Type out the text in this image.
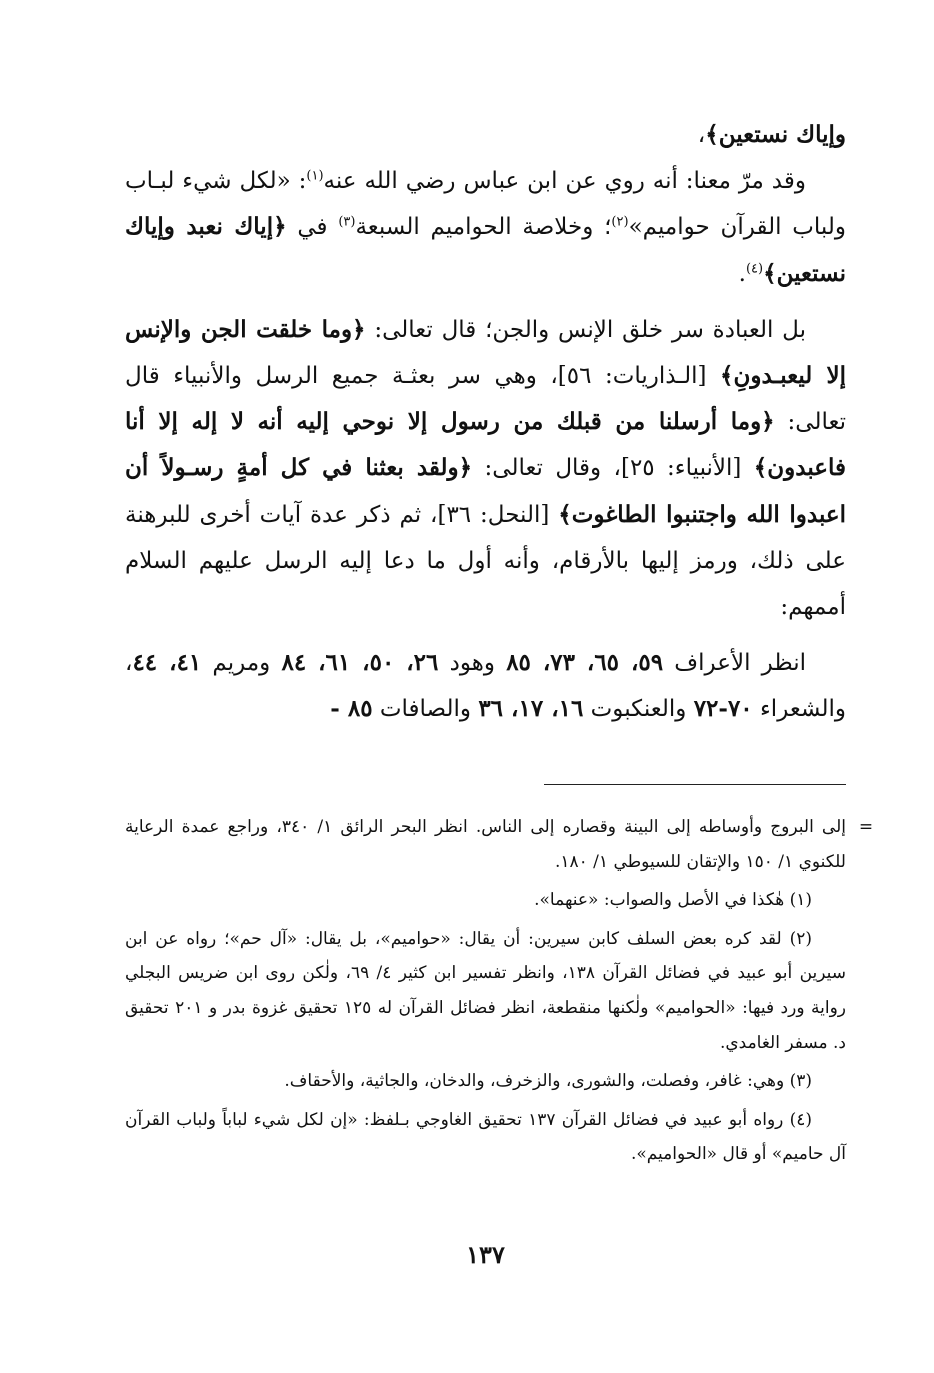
وإياك نستعين﴾،

وقد مرّ معنا: أنه روي عن ابن عباس رضي الله عنه$^{(١)}$: «لكل شيء لبـاب ولباب القرآن حواميم»$^{(٢)}$؛ وخلاصة الحواميم السبعة$^{(٣)}$ في ﴿إياك نعبد وإياك نستعين﴾$^{(٤)}$.

بل العبادة سر خلق الإنس والجن؛ قال تعالى: ﴿وما خلقت الجن والإنس إلا ليعبـدونِ﴾ [الـذاريات: ٥٦]، وهي سر بعثـة جميع الرسل والأنبياء قال تعالى: ﴿وما أرسلنا من قبلك من رسول إلا نوحي إليه أنه لا إله إلا أنا فاعبدون﴾ [الأنبياء: ٢٥]، وقال تعالى: ﴿ولقد بعثنا في كل أمةٍ رسـولاً أن اعبدوا الله واجتنبوا الطاغوت﴾ [النحل: ٣٦]، ثم ذكر عدة آيات أخرى للبرهنة على ذلك، ورمز إليها بالأرقام، وأنه أول ما دعا إليه الرسل عليهم السلام أممهم:

انظر الأعراف ٥٩، ٦٥، ٧٣، ٨٥ وهود ٢٦، ٥٠، ٦١، ٨٤ ومريم ٤١، ٤٤، والشعراء ٧٠-٧٢ والعنكبوت ١٦، ١٧، ٣٦ والصافات ٨٥ -

=

إلى البروج وأوساطه إلى البينة وقصاره إلى الناس. انظر البحر الرائق ١/ ٣٤٠، وراجع عمدة الرعاية للكنوي ١/ ١٥٠ والإتقان للسيوطي ١/ ١٨٠.

(١) هٰكذا في الأصل والصواب: «عنهما».

(٢) لقد كره بعض السلف كابن سيرين: أن يقال: «حواميم»، بل يقال: «آل حم»؛ رواه عن ابن سيرين أبو عبيد في فضائل القرآن ١٣٨، وانظر تفسير ابن كثير ٤/ ٦٩، ولٰكن روى ابن ضريس البجلي رواية ورد فيها: «الحواميم» ولٰكنها منقطعة، انظر فضائل القرآن له ١٢٥ تحقيق غزوة بدر و ٢٠١ تحقيق د. مسفر الغامدي.

(٣) وهي: غافر، وفصلت، والشورى، والزخرف، والدخان، والجاثية، والأحقاف.

(٤) رواه أبو عبيد في فضائل القرآن ١٣٧ تحقيق الغاوجي بـلفظ: «إن لكل شيء لباباً ولباب القرآن آل حاميم» أو قال «الحواميم».

١٣٧
